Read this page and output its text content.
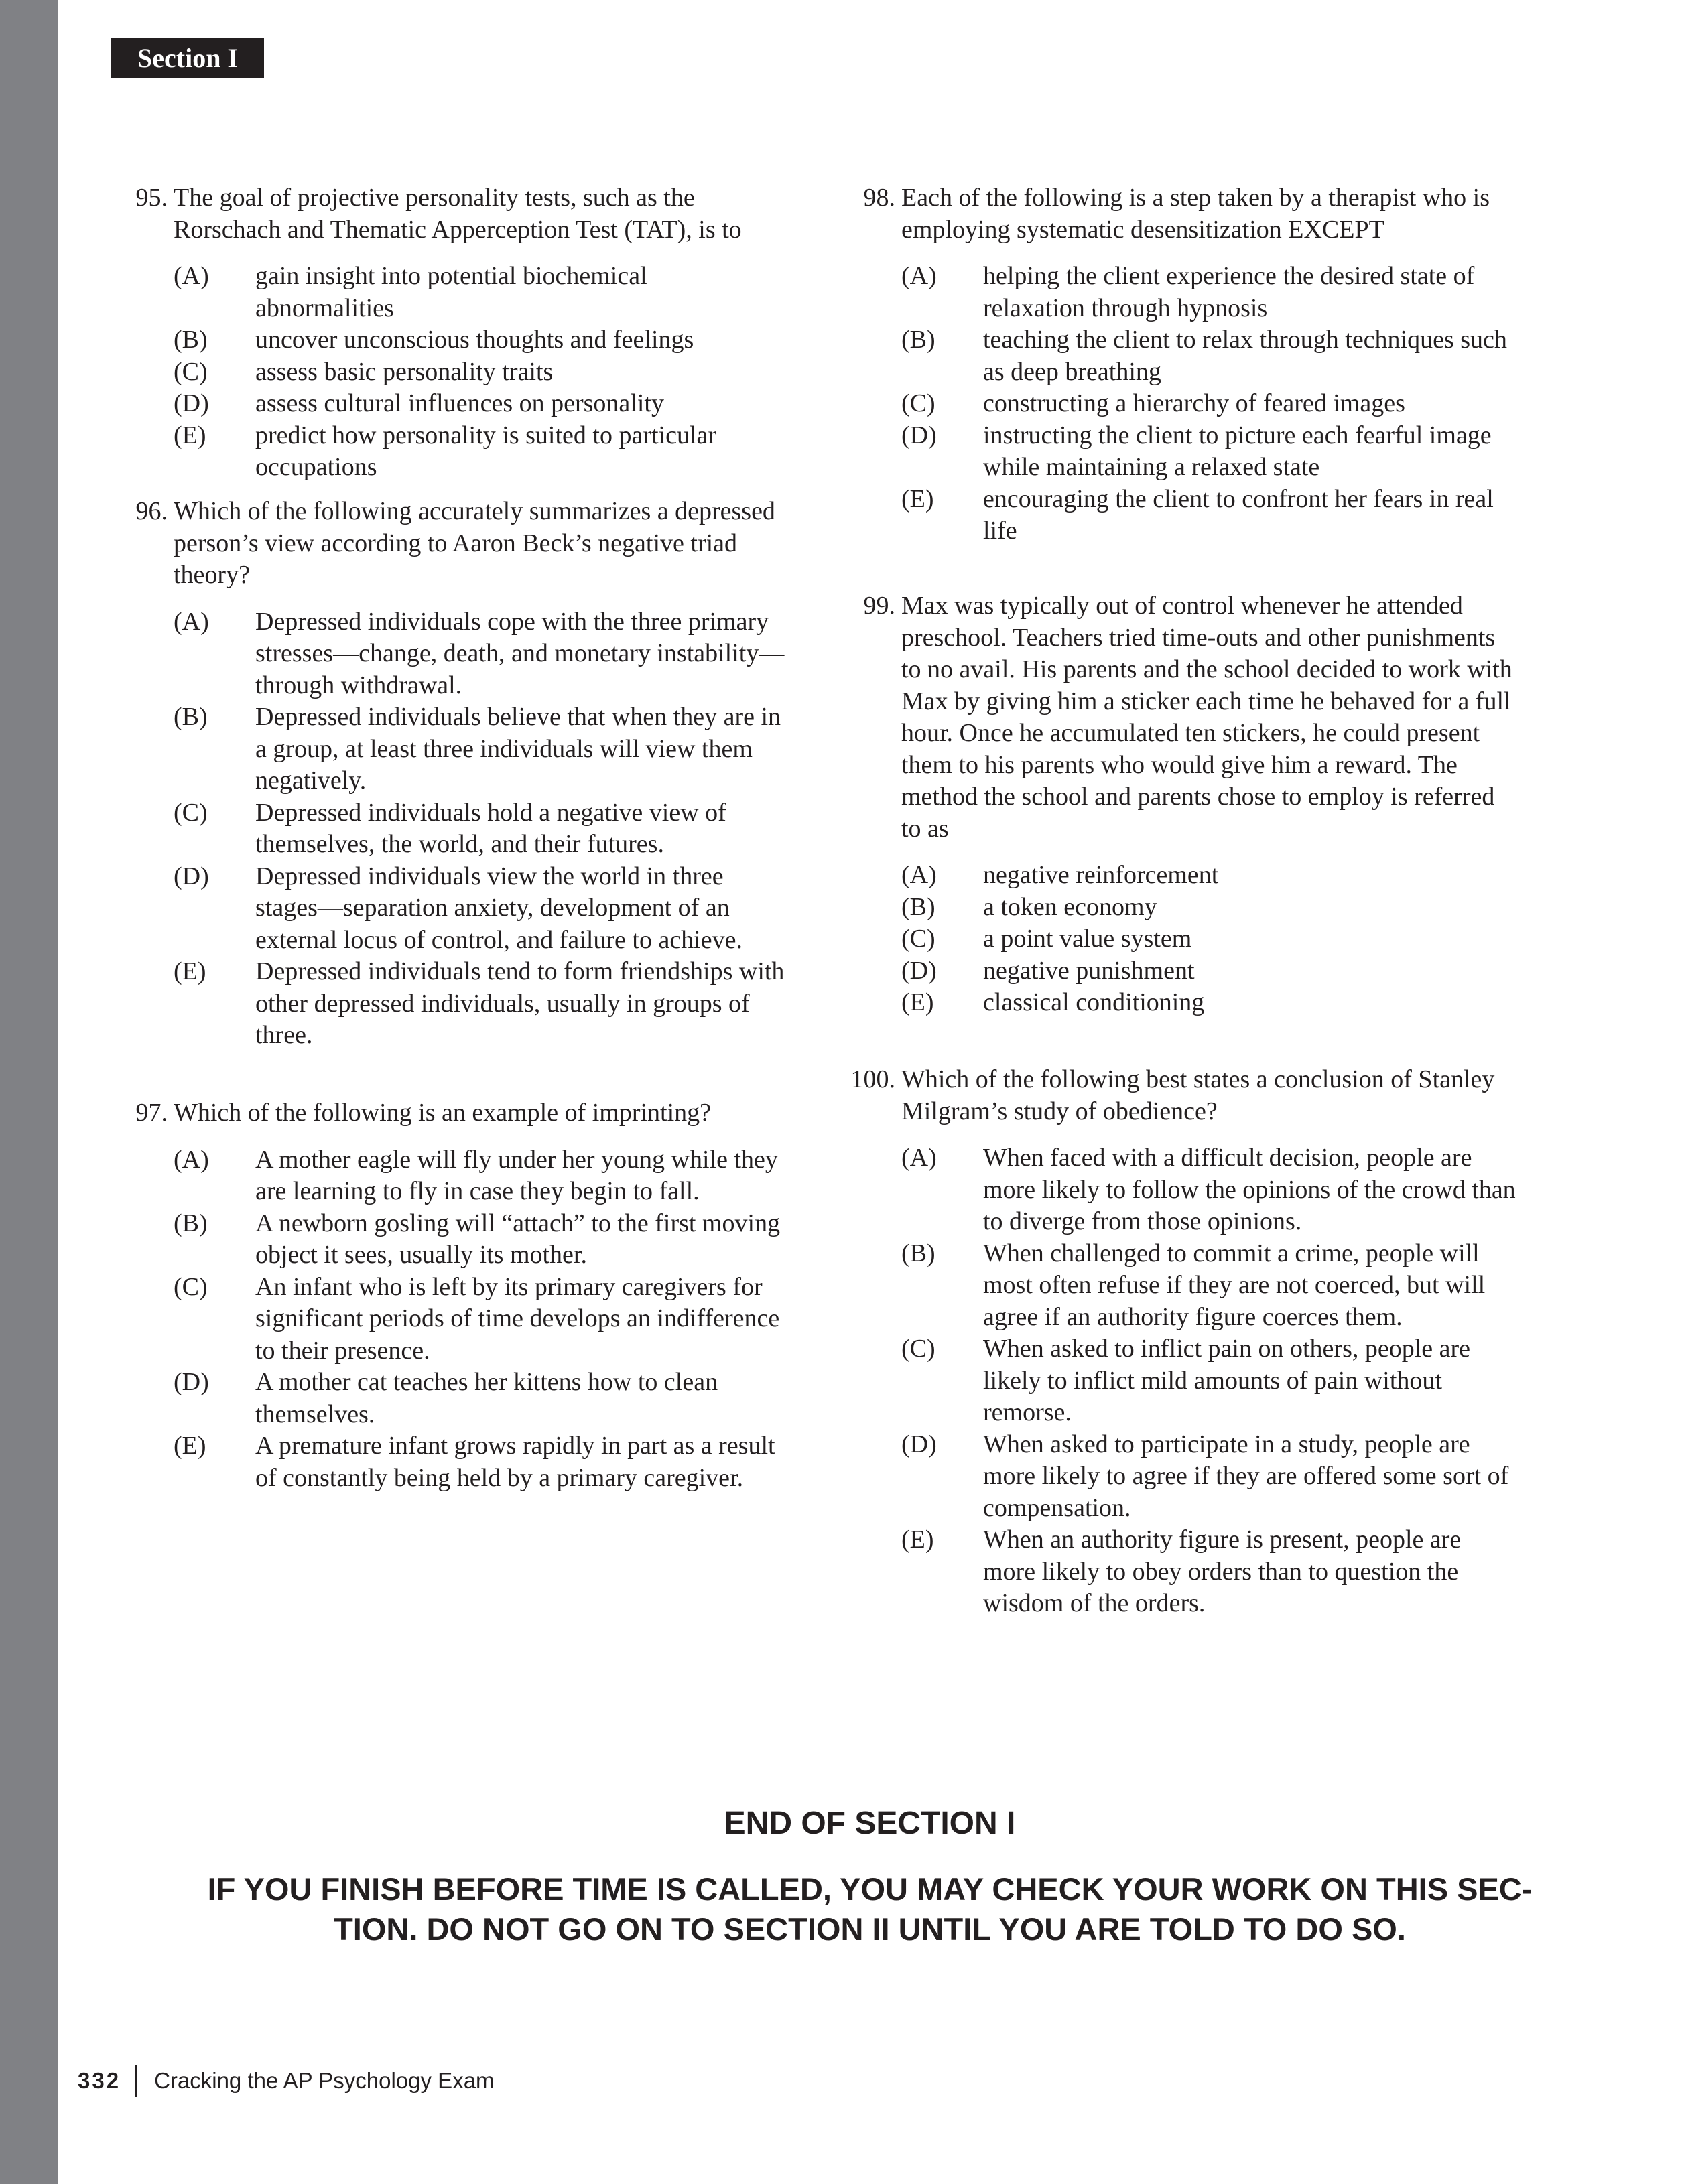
Section I
95. The goal of projective personality tests, such as the Rorschach and Thematic Apperception Test (TAT), is to
(A)	gain insight into potential biochemical abnormalities
(B)	uncover unconscious thoughts and feelings
(C)	assess basic personality traits
(D)	assess cultural influences on personality
(E)	predict how personality is suited to particular occupations
96. Which of the following accurately summarizes a depressed person’s view according to Aaron Beck’s negative triad theory?
(A)	Depressed individuals cope with the three primary stresses—change, death, and monetary instability—through withdrawal.
(B)	Depressed individuals believe that when they are in a group, at least three individuals will view them negatively.
(C)	Depressed individuals hold a negative view of themselves, the world, and their futures.
(D)	Depressed individuals view the world in three stages—separation anxiety, development of an external locus of control, and failure to achieve.
(E)	Depressed individuals tend to form friendships with other depressed individuals, usually in groups of three.
97. Which of the following is an example of imprinting?
(A)	A mother eagle will fly under her young while they are learning to fly in case they begin to fall.
(B)	A newborn gosling will “attach” to the first moving object it sees, usually its mother.
(C)	An infant who is left by its primary caregivers for significant periods of time develops an indifference to their presence.
(D)	A mother cat teaches her kittens how to clean themselves.
(E)	A premature infant grows rapidly in part as a result of constantly being held by a primary caregiver.
98. Each of the following is a step taken by a therapist who is employing systematic desensitization EXCEPT
(A)	helping the client experience the desired state of relaxation through hypnosis
(B)	teaching the client to relax through techniques such as deep breathing
(C)	constructing a hierarchy of feared images
(D)	instructing the client to picture each fearful image while maintaining a relaxed state
(E)	encouraging the client to confront her fears in real life
99. Max was typically out of control whenever he attended preschool. Teachers tried time-outs and other punishments to no avail. His parents and the school decided to work with Max by giving him a sticker each time he behaved for a full hour. Once he accumulated ten stickers, he could present them to his parents who would give him a reward. The method the school and parents chose to employ is referred to as
(A)	negative reinforcement
(B)	a token economy
(C)	a point value system
(D)	negative punishment
(E)	classical conditioning
100. Which of the following best states a conclusion of Stanley Milgram’s study of obedience?
(A)	When faced with a difficult decision, people are more likely to follow the opinions of the crowd than to diverge from those opinions.
(B)	When challenged to commit a crime, people will most often refuse if they are not coerced, but will agree if an authority figure coerces them.
(C)	When asked to inflict pain on others, people are likely to inflict mild amounts of pain without remorse.
(D)	When asked to participate in a study, people are more likely to agree if they are offered some sort of compensation.
(E)	When an authority figure is present, people are more likely to obey orders than to question the wisdom of the orders.
END OF SECTION I
IF YOU FINISH BEFORE TIME IS CALLED, YOU MAY CHECK YOUR WORK ON THIS SEC-
TION. DO NOT GO ON TO SECTION II UNTIL YOU ARE TOLD TO DO SO.
332 Cracking the AP Psychology Exam
